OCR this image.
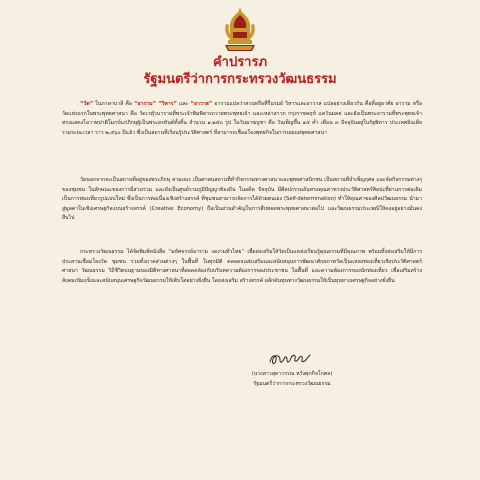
คำปรารภ
รัฐมนตรีว่าการกระทรวงวัฒนธรรม

“วัด” ในภาษาบาลี คือ “อาราม” “วิหาร” และ “อาวาส” อารามแปลว่าสวนหรือที่รื่นรมย์ วิหารและอาวาส แปลอย่างเดียวกัน คือที่อยู่อาศัย อาราม หรือ วัดแห่งแรกในพระพุทธศาสนา คือ วัดเวฬุวนารามที่พระเจ้าพิมพิสารถวายพระพุทธเจ้า และเหล่าสาวก กรุงราชคฤห์ แคว้นมคธ และยังเป็นพระอารามที่พระพุทธเจ้าทรงแสดงโอวาทปาติโมกข์แก่ภิกษุผู้เป็นพระอรหันต์ทั้งสิ้น จำนวน ๑,๒๕๐ รูป ในวันมาฆบูชา คือ วันเพ็ญขึ้น ๑๕ ค่ำ เดือน ๓ ปัจจุบันอยู่ในรัฐพิหาร ประเทศอินเดีย รวมระยะเวลา ราว ๒,๕๖๐ ปีแล้ว ซึ่งเป็นสถานที่เรียนรู้ประวัติศาสตร์ ที่สามารถเชื่อมโยงพุทธกิจในการเผยแผ่พุทธศาสนา

วัดนอกจากจะเป็นสถานที่อยู่ของพระภิกษุ สามเณร เป็นศาสนสถานที่ทำกิจกรรมทางศาสนาและพุทธศาสนิกชน เป็นสถานที่บำเพ็ญกุศล และจัดกิจกรรมต่างๆ ของชุมชน ในลักษณะของการมีส่วนร่วม และยังเป็นศูนย์รวมภูมิปัญญาท้องถิ่น ในอดีต ปัจจุบัน มีศิลปกรรมอันทรงคุณค่าทางประวัติศาสตร์ศิลปะที่ผ่านการต่อเติม เป็นการท่องเที่ยวรูปแบบใหม่ ซึ่งเป็นการต่อเนื่องเชิงสร้างสรรค์ ที่ชุมชนสามารถจัดการได้ด้วยตนเอง (Self-determination) ทำให้คุณค่าของศิลปวัฒนธรรม นำมาสู่มูลค่าในเชิงเศรษฐกิจแบบสร้างสรรค์ (Creative Economy) ถือเป็นส่วนสำคัญในการสืบทอดพระพุทธศาสนาต่อไป และวัฒนธรรมประเพณีให้คงอยู่อย่างมั่นคงสืบไป

กระทรวงวัฒนธรรม ได้จัดพิมพ์หนังสือ “มหัศจรรย์อาราม งดงามทั่วไทย” เพื่อส่งเสริมให้วัดเป็นแหล่งเรียนรู้คุณธรรมที่มีคุณภาพ พร้อมทั้งส่งเสริมให้มีการประสานเชื่อมโยงวัด ชุมชน รวมทั้งภาคส่วนต่างๆ ในพื้นที่ ในทุกมิติ ตลอดจนส่งเสริมและสนับสนุนการพัฒนาศักยภาพวัดเป็นแหล่งท่องเที่ยวเชิงประวัติศาสตร์ ศาสนา วัฒนธรรม วิถีชีวิตบนฐานของมิติทางศาสนาที่สอดคล้องกับบริบทความต้องการของประชาชน ในพื้นที่ และความต้องการของนักท่องเที่ยว เพื่อเสริมสร้างสังคมเข้มแข็งและสนับสนุนเศรษฐกิจวัฒนธรรมให้เติบโตอย่างยั่งยืน โดยส่งเสริม สร้างสรรค์ ผลักดันทุนทางวัฒนธรรมให้เป็นทุนทางเศรษฐกิจอย่างยั่งยืน

(นางสาวสุดาวรรณ หวังศุภกิจโกศล)
รัฐมนตรีว่าการกระทรวงวัฒนธรรม
